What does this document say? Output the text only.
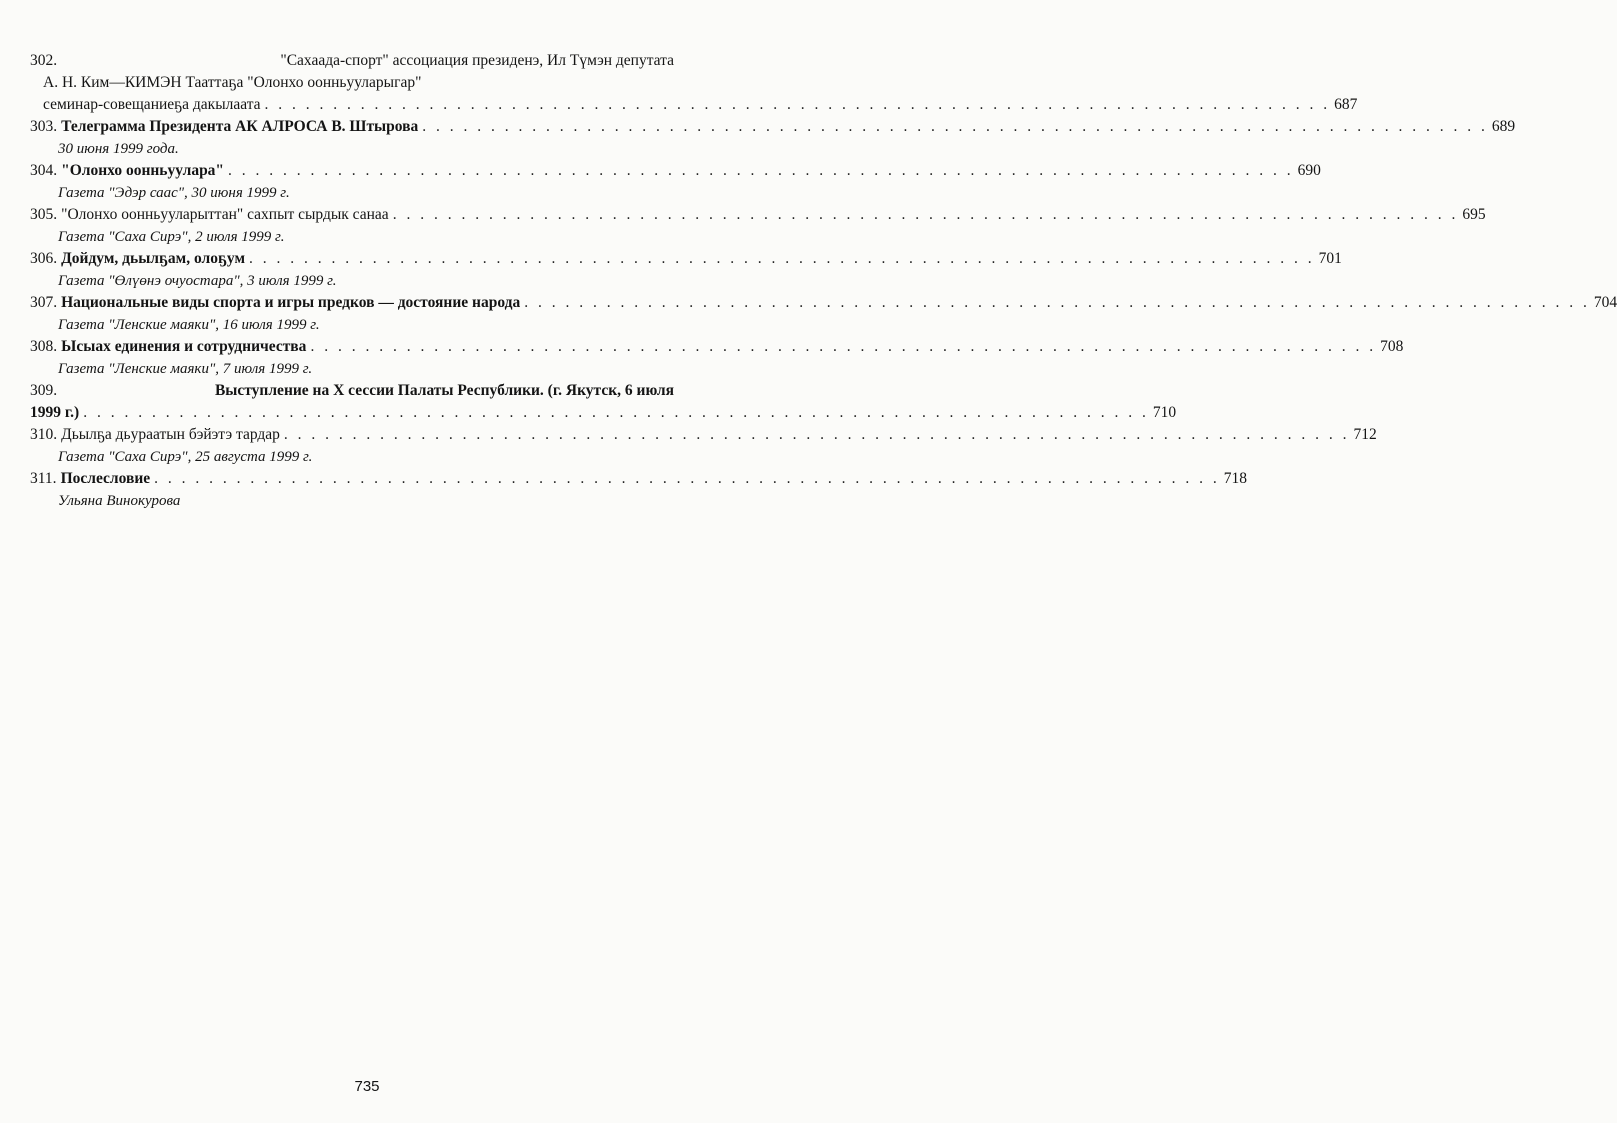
302.	"Сахаада-спорт" ассоциация президенэ, Ил Түмэн депутата
А. Н. Ким—КИМЭН Тааттаҕа "Олонхо оонньууларыгар"
семинар-совещаниеҕа дакылаата . . .	687
303. Телеграмма Президента АК АЛРОСА В. Штырова . . .	689
30 июня 1999 года.
304. "Олонхо оонньуулара" . . .	690
Газета "Эдэр саас", 30 июня 1999 г.
305. "Олонхо оонньууларыттан" сахпыт сырдык санаа . . .	695
Газета "Саха Сирэ", 2 июля 1999 г.
306. Дойдум, дьылҕам, олоҕум . . .	701
Газета "Өлүөнэ очуостара", 3 июля 1999 г.
307. Национальные виды спорта и игры предков — достояние народа . . .	704
Газета "Ленские маяки", 16 июля 1999 г.
308. Ысыах единения и сотрудничества . . .	708
Газета "Ленские маяки", 7 июля 1999 г.
309.	Выступление на X сессии Палаты Республики. (г. Якутск, 6 июля
1999 г.) . . .	710
310. Дьылҕа дьураатын бэйэтэ тардар . . .	712
Газета "Саха Сирэ", 25 августа 1999 г.
311. Послесловие . . .	718
Ульяна Винокурова
735
